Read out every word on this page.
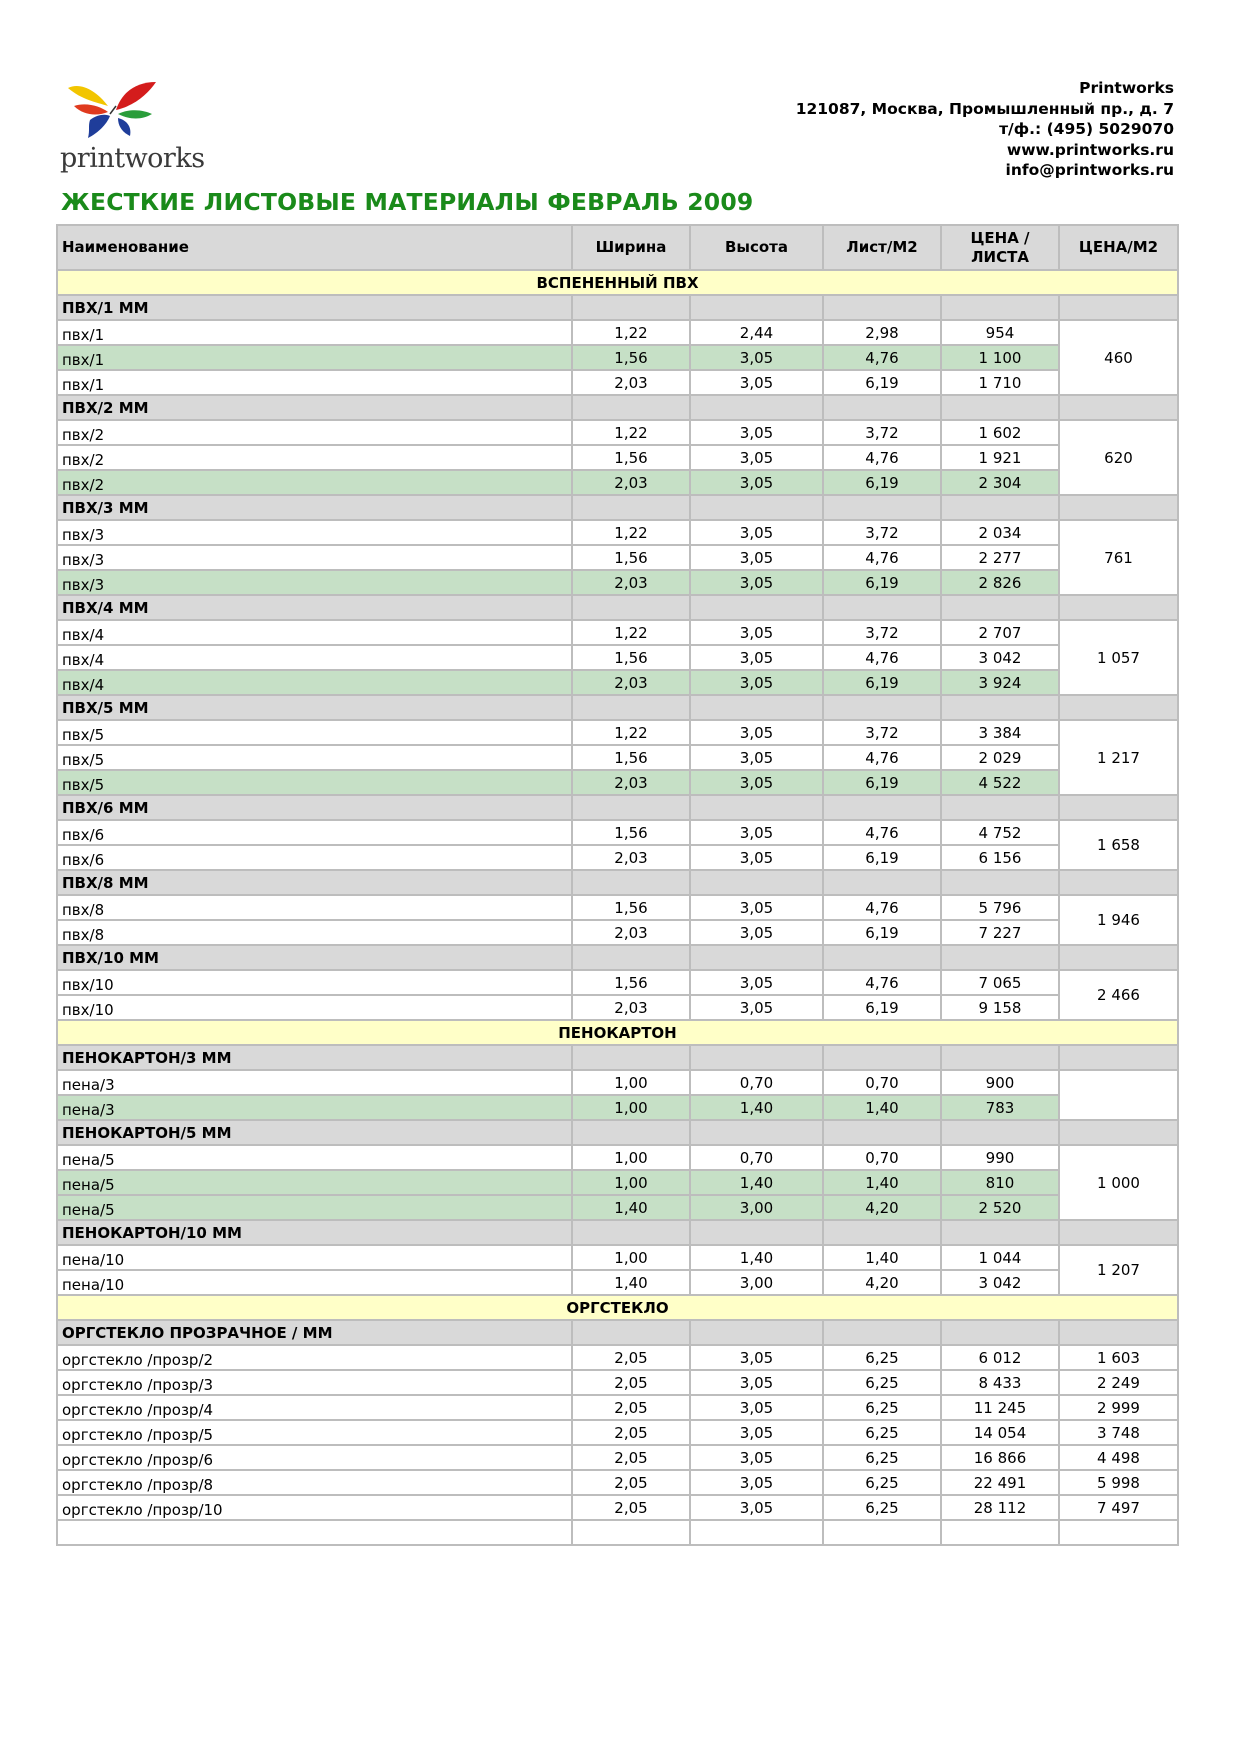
printworks
Printworks
121087, Москва, Промышленный пр., д. 7
т/ф.: (495) 5029070
www.printworks.ru
info@printworks.ru
ЖЕСТКИЕ ЛИСТОВЫЕ МАТЕРИАЛЫ ФЕВРАЛЬ 2009
Наименование	Ширина	Высота	Лист/М2	ЦЕНА / ЛИСТА	ЦЕНА/М2
ВСПЕНЕННЫЙ ПВХ					
ПВХ/1 ММ					
пвх/1	1,22	2,44	2,98	954	460
пвх/1	1,56	3,05	4,76	1 100	
пвх/1	2,03	3,05	6,19	1 710	
ПВХ/2 ММ					
пвх/2	1,22	3,05	3,72	1 602	620
пвх/2	1,56	3,05	4,76	1 921	
пвх/2	2,03	3,05	6,19	2 304	
ПВХ/3 ММ					
пвх/3	1,22	3,05	3,72	2 034	761
пвх/3	1,56	3,05	4,76	2 277	
пвх/3	2,03	3,05	6,19	2 826	
ПВХ/4 ММ					
пвх/4	1,22	3,05	3,72	2 707	1 057
пвх/4	1,56	3,05	4,76	3 042	
пвх/4	2,03	3,05	6,19	3 924	
ПВХ/5 ММ					
пвх/5	1,22	3,05	3,72	3 384	1 217
пвх/5	1,56	3,05	4,76	2 029	
пвх/5	2,03	3,05	6,19	4 522	
ПВХ/6 ММ					
пвх/6	1,56	3,05	4,76	4 752	1 658
пвх/6	2,03	3,05	6,19	6 156	
ПВХ/8 ММ					
пвх/8	1,56	3,05	4,76	5 796	1 946
пвх/8	2,03	3,05	6,19	7 227	
ПВХ/10 ММ					
пвх/10	1,56	3,05	4,76	7 065	2 466
пвх/10	2,03	3,05	6,19	9 158	
ПЕНОКАРТОН					
ПЕНОКАРТОН/3 ММ					
пена/3	1,00	0,70	0,70	900	
пена/3	1,00	1,40	1,40	783	
ПЕНОКАРТОН/5 ММ					
пена/5	1,00	0,70	0,70	990	1 000
пена/5	1,00	1,40	1,40	810	
пена/5	1,40	3,00	4,20	2 520	
ПЕНОКАРТОН/10 ММ					
пена/10	1,00	1,40	1,40	1 044	1 207
пена/10	1,40	3,00	4,20	3 042	
ОРГСТЕКЛО					
ОРГСТЕКЛО ПРОЗРАЧНОЕ / ММ					
оргстекло /прозр/2	2,05	3,05	6,25	6 012	1 603
оргстекло /прозр/3	2,05	3,05	6,25	8 433	2 249
оргстекло /прозр/4	2,05	3,05	6,25	11 245	2 999
оргстекло /прозр/5	2,05	3,05	6,25	14 054	3 748
оргстекло /прозр/6	2,05	3,05	6,25	16 866	4 498
оргстекло /прозр/8	2,05	3,05	6,25	22 491	5 998
оргстекло /прозр/10	2,05	3,05	6,25	28 112	7 497
